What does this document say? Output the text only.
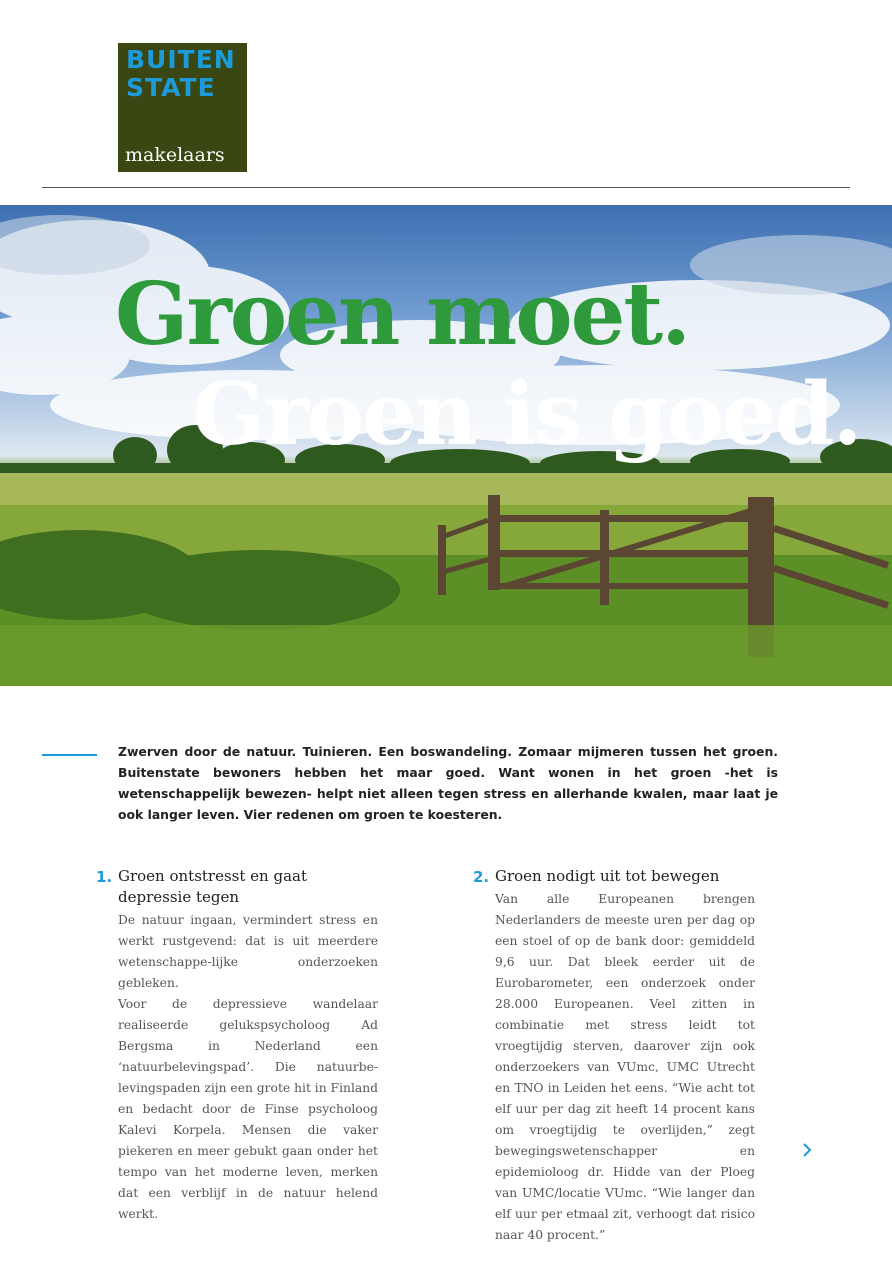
BUITEN
STATE
makelaars
Groen moet.
Groen is goed.

Zwerven door de natuur. Tuinieren. Een boswandeling. Zomaar mijmeren tussen het groen. Buitenstate bewoners hebben het maar goed. Want wonen in het groen -het is wetenschappelijk bewezen- helpt niet alleen tegen stress en allerhande kwalen, maar laat je ook langer leven. Vier redenen om groen te koesteren.

1. Groen ontstresst en gaat depressie tegen

De natuur ingaan, vermindert stress en werkt rustgevend: dat is uit meerdere wetenschappe-lijke onderzoeken gebleken.

Voor de depressieve wandelaar realiseerde gelukspsycholoog Ad Bergsma in Nederland een ‘natuurbelevingspad’. Die natuurbe-levingspaden zijn een grote hit in Finland en bedacht door de Finse psycholoog Kalevi Korpela. Mensen die vaker piekeren en meer gebukt gaan onder het tempo van het moderne leven, merken dat een verblijf in de natuur helend werkt.

2. Groen nodigt uit tot bewegen

Van alle Europeanen brengen Nederlanders de meeste uren per dag op een stoel of op de bank door: gemiddeld 9,6 uur. Dat bleek eerder uit de Eurobarometer, een onderzoek onder 28.000 Europeanen. Veel zitten in combinatie met stress leidt tot vroegtijdig sterven, daarover zijn ook onderzoekers van VUmc, UMC Utrecht en TNO in Leiden het eens. “Wie acht tot elf uur per dag zit heeft 14 procent kans om vroegtijdig te overlijden,” zegt bewegingswetenschapper en epidemioloog dr. Hidde van der Ploeg van UMC/locatie VUmc. “Wie langer dan elf uur per etmaal zit, verhoogt dat risico naar 40 procent.”
